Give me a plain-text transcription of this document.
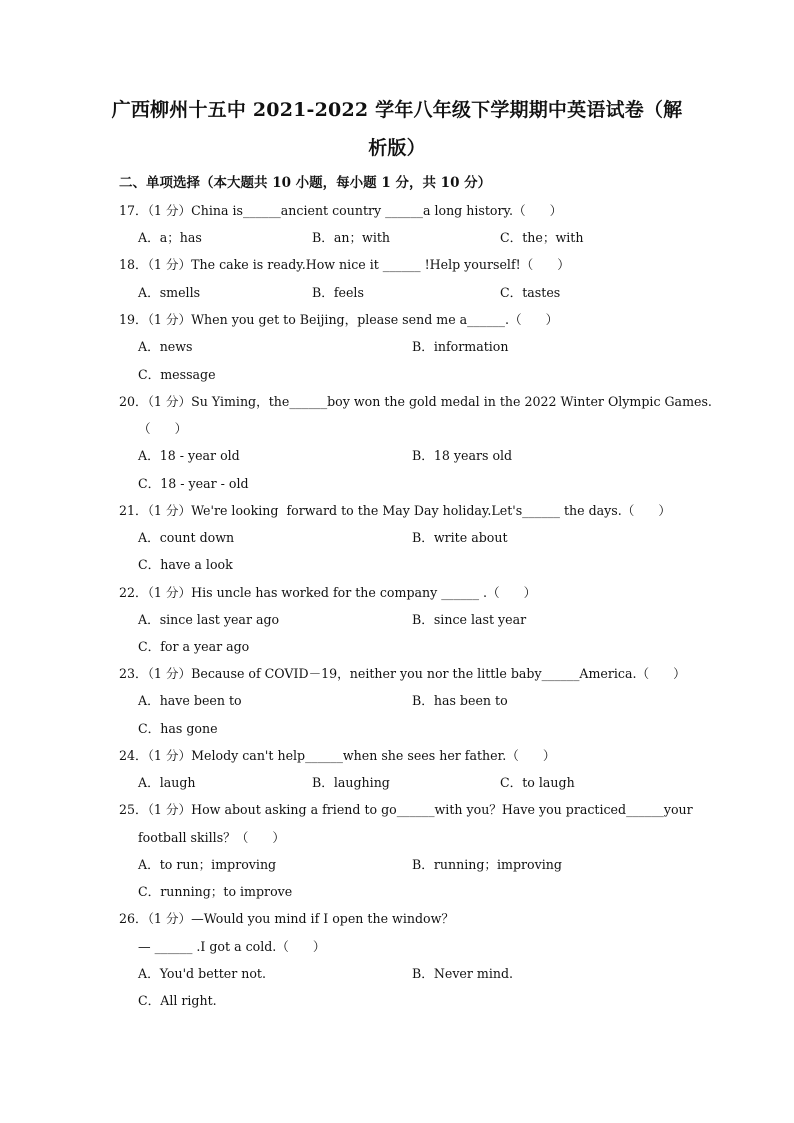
广西柳州十五中 2021-2022 学年八年级下学期期中英语试卷（解析版）
二、单项选择（本大题共 10 小题，每小题 1 分，共 10 分）
17．（1 分）China is______ancient country ______a long history.（      ）
A．a；has	B．an；with	C．the；with
18．（1 分）The cake is ready.How nice it ______ !Help yourself!（      ）
A．smells	B．feels	C．tastes
19．（1 分）When you get to Beijing，please send me a______.（      ）
A．news	B．information
C．message
20．（1 分）Su Yiming，the______boy won the gold medal in the 2022 Winter Olympic Games.
（      ）
A．18 - year old	B．18 years old
C．18 - year - old
21．（1 分）We're looking  forward to the May Day holiday.Let's______ the days.（      ）
A．count down	B．write about
C．have a look
22．（1 分）His uncle has worked for the company ______ .（      ）
A．since last year ago	B．since last year
C．for a year ago
23．（1 分）Because of COVID－19，neither you nor the little baby______America.（      ）
A．have been to	B．has been to
C．has gone
24．（1 分）Melody can't help______when she sees her father.（      ）
A．laugh	B．laughing	C．to laugh
25．（1 分）How about asking a friend to go______with you？Have you practiced______your
football skills？（      ）
A．to run；improving	B．running；improving
C．running；to improve
26．（1 分）—Would you mind if I open the window？
— ______ .I got a cold.（      ）
A．You'd better not.	B．Never mind.
C．All right.
